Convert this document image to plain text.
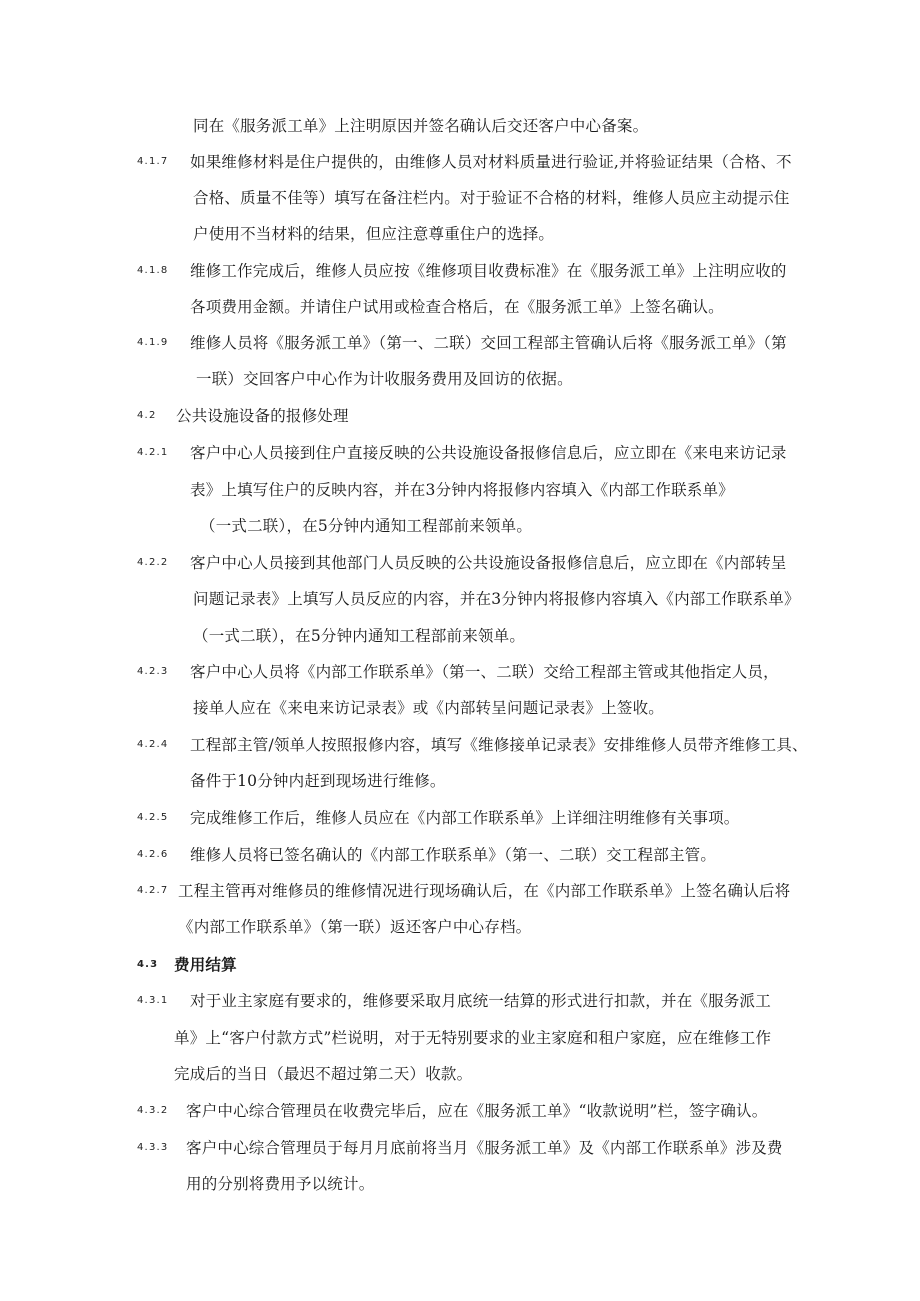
同在《服务派工单》上注明原因并签名确认后交还客户中心备案。
4.1.7 如果维修材料是住户提供的，由维修人员对材料质量进行验证,并将验证结果（合格、不
合格、质量不佳等）填写在备注栏内。对于验证不合格的材料，维修人员应主动提示住
户使用不当材料的结果，但应注意尊重住户的选择。
4.1.8 维修工作完成后，维修人员应按《维修项目收费标准》在《服务派工单》上注明应收的
各项费用金额。并请住户试用或检查合格后，在《服务派工单》上签名确认。
4.1.9 维修人员将《服务派工单》（第一、二联）交回工程部主管确认后将《服务派工单》（第
一联）交回客户中心作为计收服务费用及回访的依据。
4.2 公共设施设备的报修处理
4.2.1 客户中心人员接到住户直接反映的公共设施设备报修信息后，应立即在《来电来访记录
表》上填写住户的反映内容，并在3分钟内将报修内容填入《内部工作联系单》
（一式二联），在5分钟内通知工程部前来领单。
4.2.2 客户中心人员接到其他部门人员反映的公共设施设备报修信息后，应立即在《内部转呈
问题记录表》上填写人员反应的内容，并在3分钟内将报修内容填入《内部工作联系单》
（一式二联），在5分钟内通知工程部前来领单。
4.2.3 客户中心人员将《内部工作联系单》（第一、二联）交给工程部主管或其他指定人员，
接单人应在《来电来访记录表》或《内部转呈问题记录表》上签收。
4.2.4 工程部主管/领单人按照报修内容，填写《维修接单记录表》安排维修人员带齐维修工具、
备件于10分钟内赶到现场进行维修。
4.2.5 完成维修工作后，维修人员应在《内部工作联系单》上详细注明维修有关事项。
4.2.6 维修人员将已签名确认的《内部工作联系单》（第一、二联）交工程部主管。
4.2.7 工程主管再对维修员的维修情况进行现场确认后，在《内部工作联系单》上签名确认后将
《内部工作联系单》（第一联）返还客户中心存档。
4.3 费用结算
4.3.1 对于业主家庭有要求的，维修要采取月底统一结算的形式进行扣款，并在《服务派工
单》上“客户付款方式”栏说明，对于无特别要求的业主家庭和租户家庭，应在维修工作
完成后的当日（最迟不超过第二天）收款。
4.3.2 客户中心综合管理员在收费完毕后，应在《服务派工单》“收款说明”栏，签字确认。
4.3.3 客户中心综合管理员于每月月底前将当月《服务派工单》及《内部工作联系单》涉及费
用的分别将费用予以统计。
